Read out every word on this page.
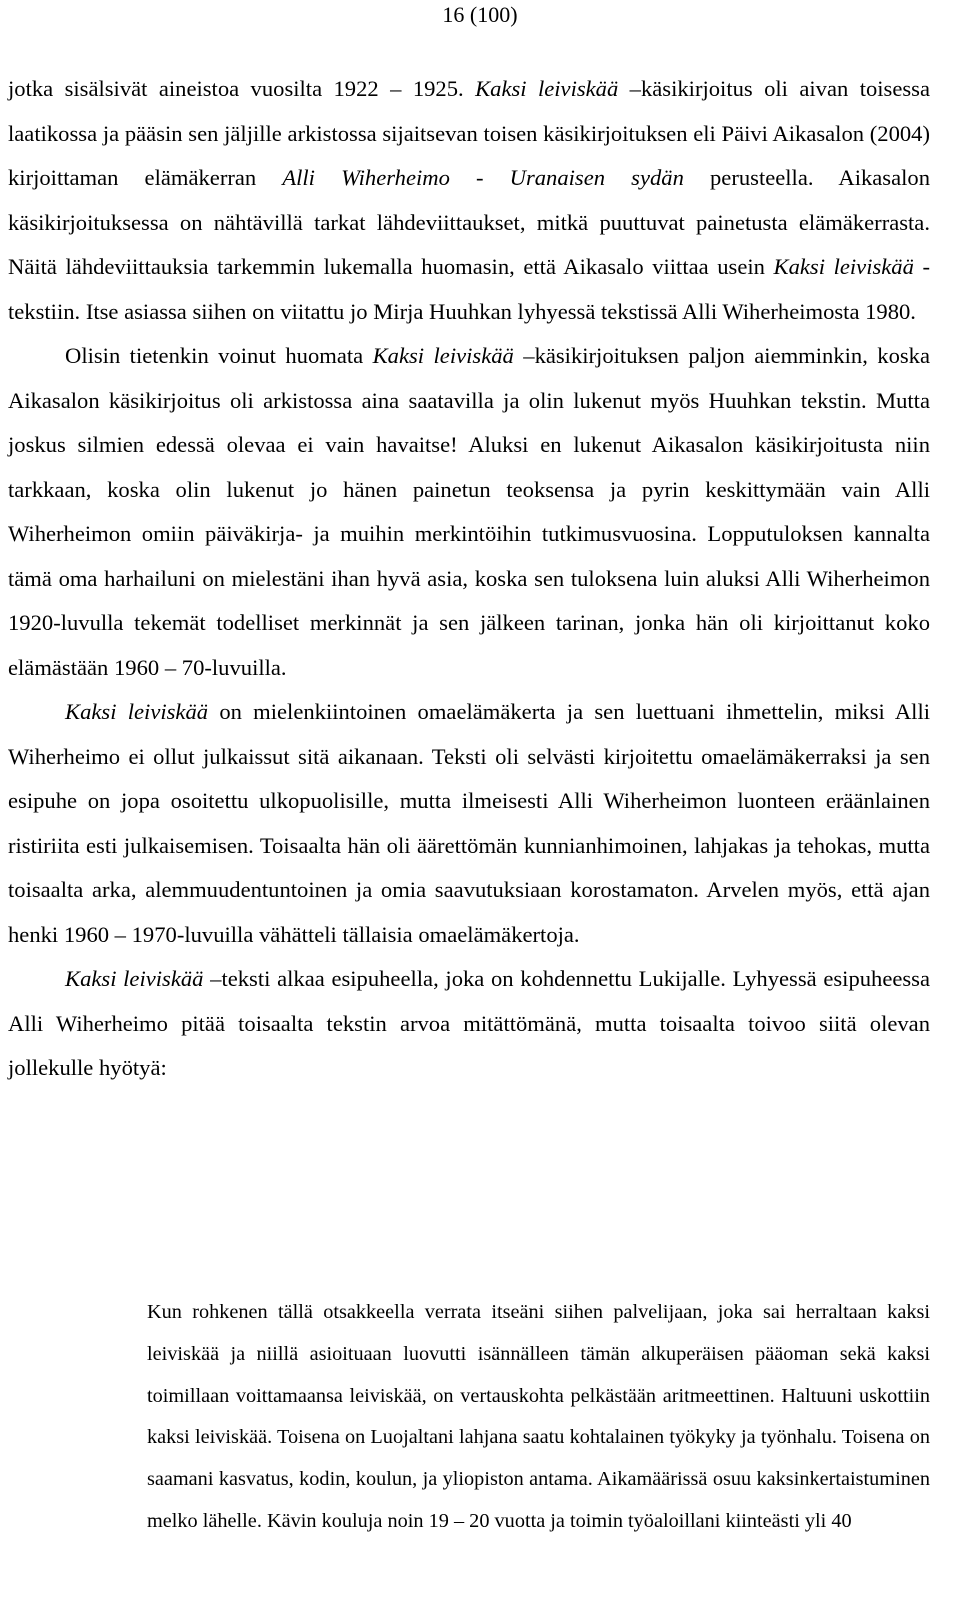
16 (100)

jotka sisälsivät aineistoa vuosilta 1922 – 1925. Kaksi leiviskää –käsikirjoitus oli aivan toisessa laatikossa ja pääsin sen jäljille arkistossa sijaitsevan toisen käsikirjoituksen eli Päivi Aikasalon (2004) kirjoittaman elämäkerran Alli Wiherheimo - Uranaisen sydän perusteella. Aikasalon käsikirjoituksessa on nähtävillä tarkat lähdeviittaukset, mitkä puuttuvat painetusta elämäkerrasta. Näitä lähdeviittauksia tarkemmin lukemalla huomasin, että Aikasalo viittaa usein Kaksi leiviskää -tekstiin. Itse asiassa siihen on viitattu jo Mirja Huuhkan lyhyessä tekstissä Alli Wiherheimosta 1980.

Olisin tietenkin voinut huomata Kaksi leiviskää –käsikirjoituksen paljon aiemminkin, koska Aikasalon käsikirjoitus oli arkistossa aina saatavilla ja olin lukenut myös Huuhkan tekstin. Mutta joskus silmien edessä olevaa ei vain havaitse! Aluksi en lukenut Aikasalon käsikirjoitusta niin tarkkaan, koska olin lukenut jo hänen painetun teoksensa ja pyrin keskittymään vain Alli Wiherheimon omiin päiväkirja- ja muihin merkintöihin tutkimusvuosina. Lopputuloksen kannalta tämä oma harhailuni on mielestäni ihan hyvä asia, koska sen tuloksena luin aluksi Alli Wiherheimon 1920-luvulla tekemät todelliset merkinnät ja sen jälkeen tarinan, jonka hän oli kirjoittanut koko elämästään 1960 – 70-luvuilla.

Kaksi leiviskää on mielenkiintoinen omaelämäkerta ja sen luettuani ihmettelin, miksi Alli Wiherheimo ei ollut julkaissut sitä aikanaan. Teksti oli selvästi kirjoitettu omaelämäkerraksi ja sen esipuhe on jopa osoitettu ulkopuolisille, mutta ilmeisesti Alli Wiherheimon luonteen eräänlainen ristiriita esti julkaisemisen. Toisaalta hän oli äärettömän kunnianhimoinen, lahjakas ja tehokas, mutta toisaalta arka, alemmuudentuntoinen ja omia saavutuksiaan korostamaton. Arvelen myös, että ajan henki 1960 – 1970-luvuilla vähätteli tällaisia omaelämäkertoja.

Kaksi leiviskää –teksti alkaa esipuheella, joka on kohdennettu Lukijalle. Lyhyessä esipuheessa Alli Wiherheimo pitää toisaalta tekstin arvoa mitättömänä, mutta toisaalta toivoo siitä olevan jollekulle hyötyä:

Kun rohkenen tällä otsakkeella verrata itseäni siihen palvelijaan, joka sai herraltaan kaksi leiviskää ja niillä asioituaan luovutti isännälleen tämän alkuperäisen pääoman sekä kaksi toimillaan voittamaansa leiviskää, on vertauskohta pelkästään aritmeettinen. Haltuuni uskottiin kaksi leiviskää. Toisena on Luojaltani lahjana saatu kohtalainen työkyky ja työnhalu. Toisena on saamani kasvatus, kodin, koulun, ja yliopiston antama. Aikamäärissä osuu kaksinkertaistuminen melko lähelle. Kävin kouluja noin 19 – 20 vuotta ja toimin työaloillani kiinteästi yli 40
